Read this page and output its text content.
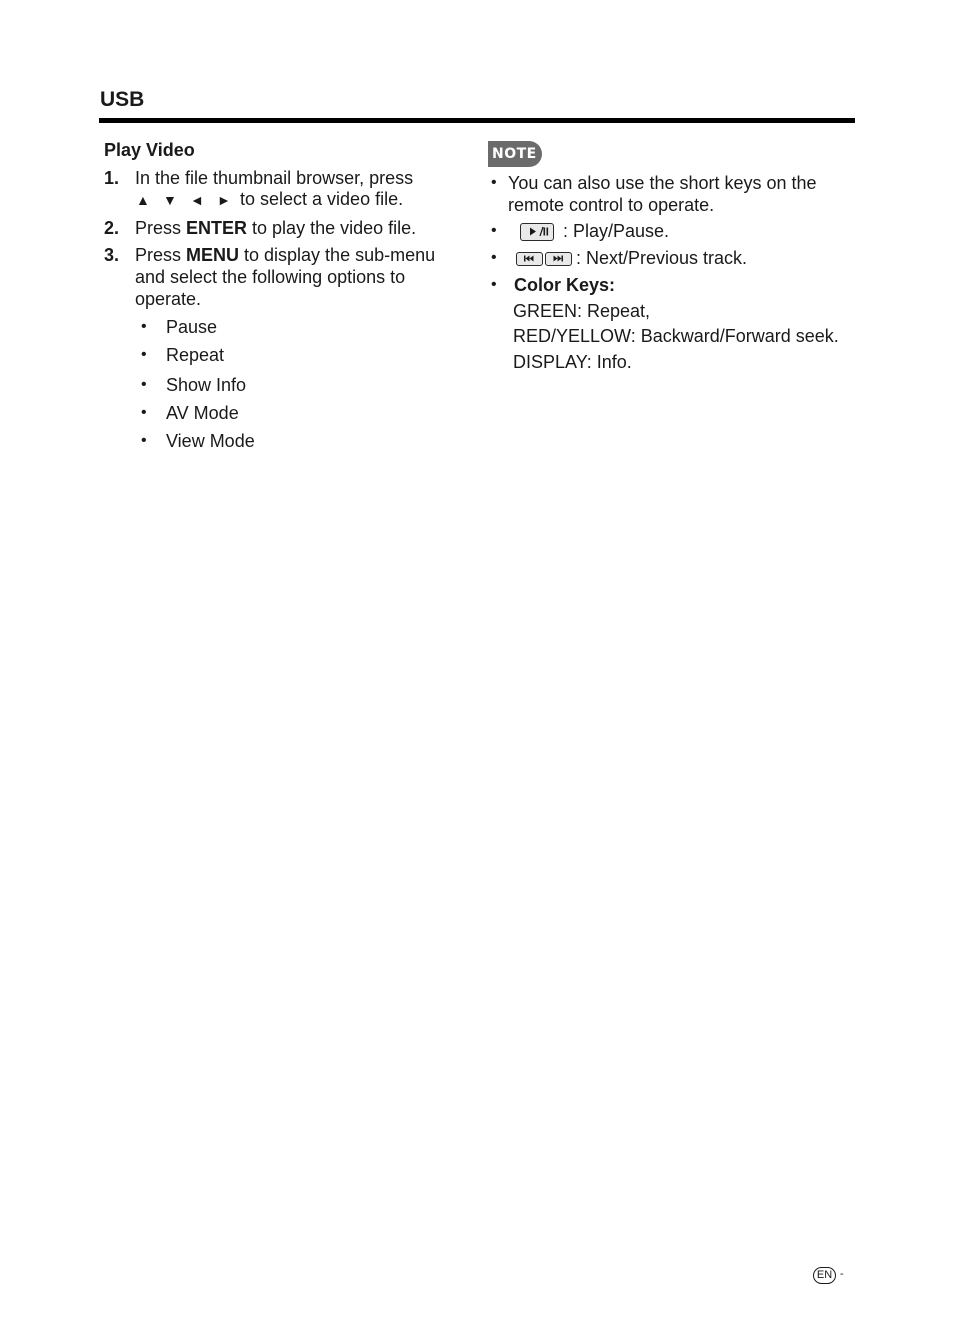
USB
Play Video
1. In the file thumbnail browser, press
▲ ▼ ◄ ► to select a video file.
2. Press ENTER to play the video file.
3. Press MENU to display the sub-menu
and select the following options to
operate.
• Pause
• Repeat
• Show Info
• AV Mode
• View Mode
NOTE
• You can also use the short keys on the
remote control to operate.
•	: Play/Pause.
•	: Next/Previous track.
• Color Keys:
GREEN: Repeat,
RED/YELLOW: Backward/Forward seek.
DISPLAY: Info.
EN -
